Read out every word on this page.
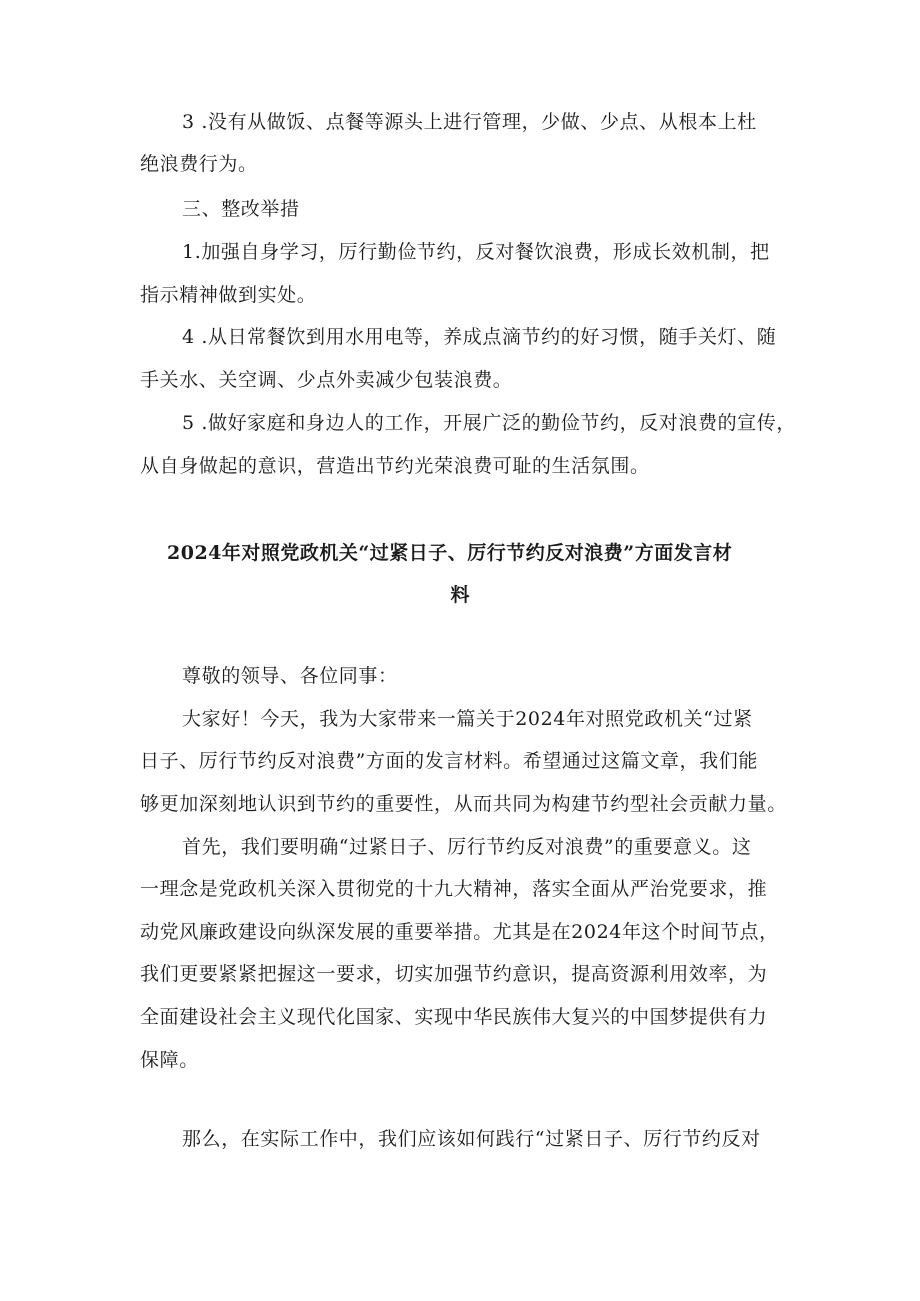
3 .没有从做饭、点餐等源头上进行管理，少做、少点、从根本上杜
绝浪费行为。
三、整改举措
1.加强自身学习，厉行勤俭节约，反对餐饮浪费，形成长效机制，把
指示精神做到实处。
4 .从日常餐饮到用水用电等，养成点滴节约的好习惯，随手关灯、随
手关水、关空调、少点外卖减少包装浪费。
5 .做好家庭和身边人的工作，开展广泛的勤俭节约，反对浪费的宣传，
从自身做起的意识，营造出节约光荣浪费可耻的生活氛围。
2024年对照党政机关“过紧日子、厉行节约反对浪费”方面发言材
料
尊敬的领导、各位同事：
大家好！今天，我为大家带来一篇关于2024年对照党政机关“过紧
日子、厉行节约反对浪费”方面的发言材料。希望通过这篇文章，我们能
够更加深刻地认识到节约的重要性，从而共同为构建节约型社会贡献力量。
首先，我们要明确“过紧日子、厉行节约反对浪费”的重要意义。这
一理念是党政机关深入贯彻党的十九大精神，落实全面从严治党要求，推
动党风廉政建设向纵深发展的重要举措。尤其是在2024年这个时间节点，
我们更要紧紧把握这一要求，切实加强节约意识，提高资源利用效率，为
全面建设社会主义现代化国家、实现中华民族伟大复兴的中国梦提供有力
保障。
那么，在实际工作中，我们应该如何践行“过紧日子、厉行节约反对
